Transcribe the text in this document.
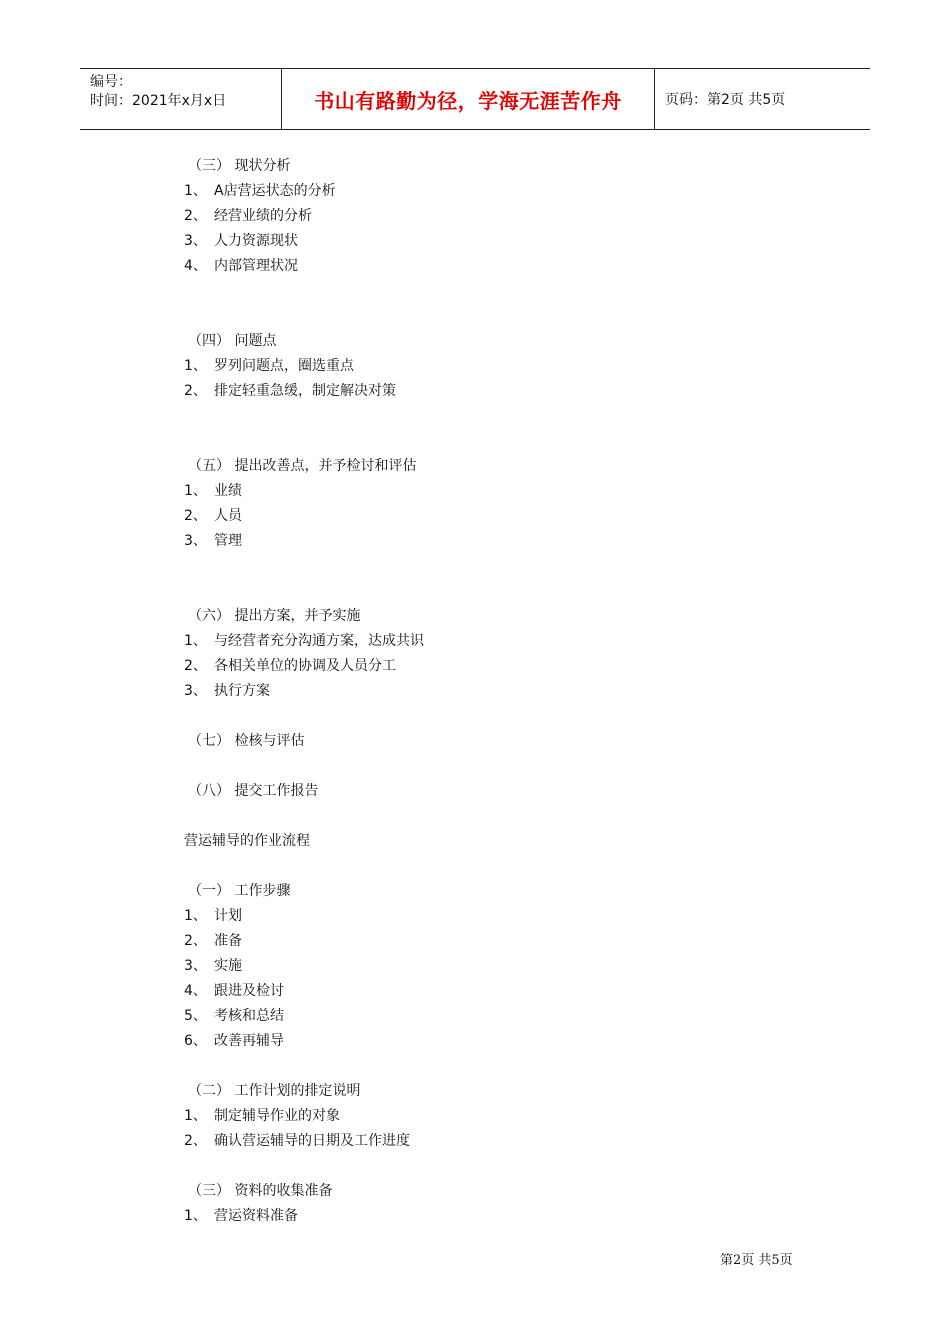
编号：
时间：2021年x月x日	书山有路勤为径，学海无涯苦作舟	页码：第2页 共5页
（三） 现状分析
1、 A店营运状态的分析
2、 经营业绩的分析
3、 人力资源现状
4、 内部管理状况
（四） 问题点
1、 罗列问题点，圈选重点
2、 排定轻重急缓，制定解决对策
（五） 提出改善点，并予检讨和评估
1、 业绩
2、 人员
3、 管理
（六） 提出方案，并予实施
1、 与经营者充分沟通方案，达成共识
2、 各相关单位的协调及人员分工
3、 执行方案
（七） 检核与评估
（八） 提交工作报告
营运辅导的作业流程
（一） 工作步骤
1、 计划
2、 准备
3、 实施
4、 跟进及检讨
5、 考核和总结
6、 改善再辅导
（二） 工作计划的排定说明
1、 制定辅导作业的对象
2、 确认营运辅导的日期及工作进度
（三） 资料的收集准备
1、 营运资料准备
第2页 共5页
